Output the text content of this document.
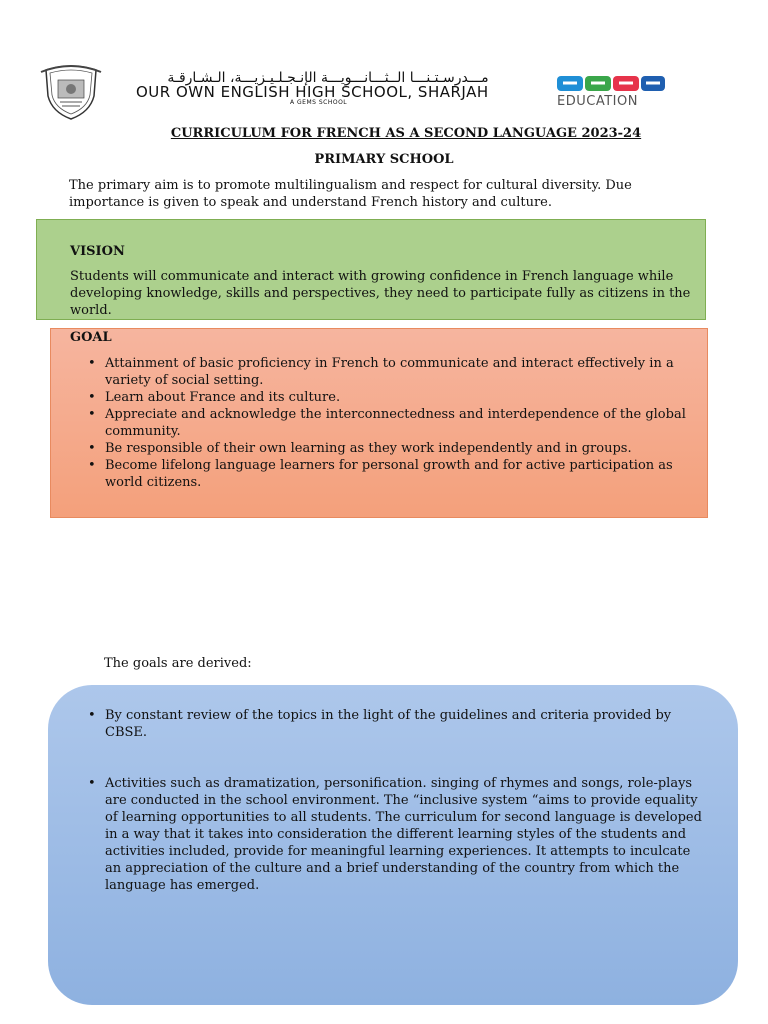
مـــدرسـتـنـــا الــثـــانـــويـــة الإنـجـلـيـزيـــة، الـشـارقـة
OUR OWN ENGLISH HIGH SCHOOL, SHARJAH
A GEMS SCHOOL	EDUCATION
CURRICULUM FOR FRENCH AS A SECOND LANGUAGE 2023-24
PRIMARY SCHOOL

The primary aim is to promote multilingualism and respect for cultural diversity. Due importance is given to speak and understand French history and culture.

VISION

Students will communicate and interact with growing confidence in French language while developing knowledge, skills and perspectives, they need to participate fully as citizens in the world.

GOAL
• Attainment of basic proficiency in French to communicate and interact effectively in a variety of social setting.
• Learn about France and its culture.
• Appreciate and acknowledge the interconnectedness and interdependence of the global community.
• Be responsible of their own learning as they work independently and in groups.
• Become lifelong language learners for personal growth and for active participation as world citizens.
The goals are derived:
• By constant review of the topics in the light of the guidelines and criteria provided by CBSE.
• Activities such as dramatization, personification. singing of rhymes and songs, role-plays are conducted in the school environment. The “inclusive system “aims to provide equality of learning opportunities to all students. The curriculum for second language is developed in a way that it takes into consideration the different learning styles of the students and activities included, provide for meaningful learning experiences. It attempts to inculcate an appreciation of the culture and a brief understanding of the country from which the language has emerged.
